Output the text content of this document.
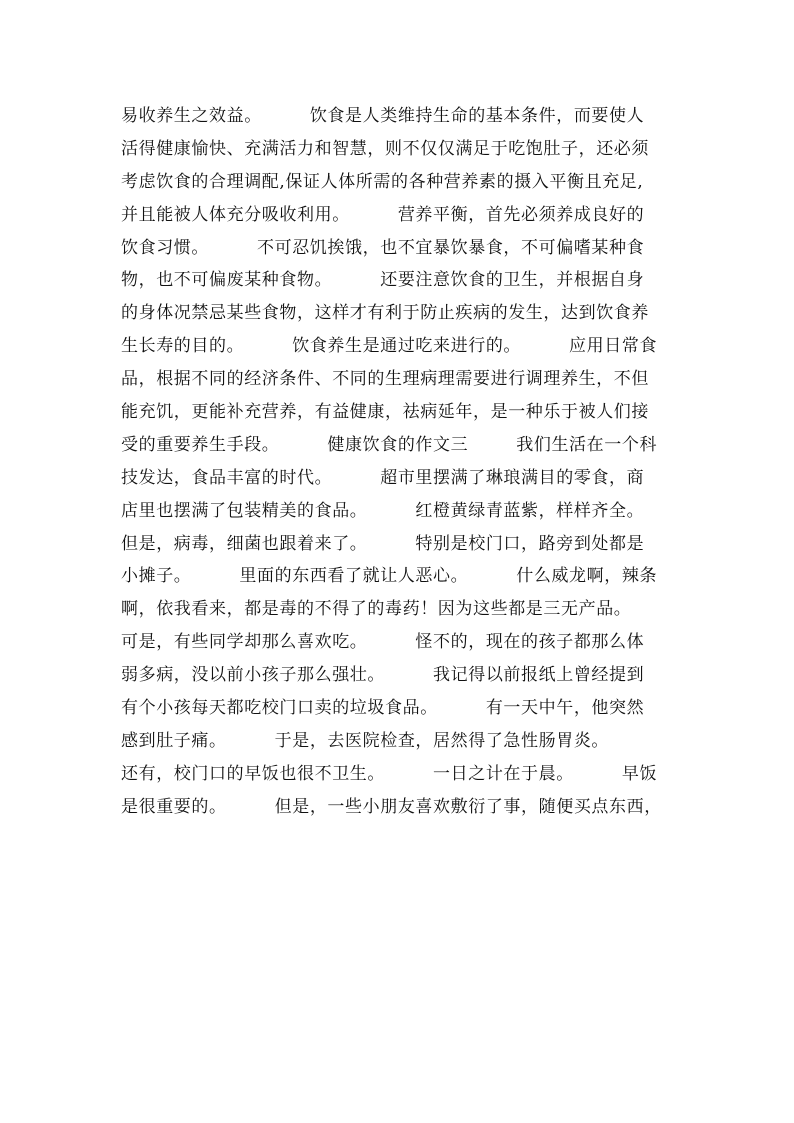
易收养生之效益。        饮食是人类维持生命的基本条件，而要使人
活得健康愉快、充满活力和智慧，则不仅仅满足于吃饱肚子，还必须
考虑饮食的合理调配,保证人体所需的各种营养素的摄入平衡且充足,
并且能被人体充分吸收利用。        营养平衡，首先必须养成良好的
饮食习惯。        不可忍饥挨饿，也不宜暴饮暴食，不可偏嗜某种食
物，也不可偏废某种食物。        还要注意饮食的卫生，并根据自身
的身体况禁忌某些食物，这样才有利于防止疾病的发生，达到饮食养
生长寿的目的。        饮食养生是通过吃来进行的。        应用日常食
品，根据不同的经济条件、不同的生理病理需要进行调理养生，不但
能充饥，更能补充营养，有益健康，祛病延年，是一种乐于被人们接
受的重要养生手段。        健康饮食的作文三        我们生活在一个科
技发达，食品丰富的时代。        超市里摆满了琳琅满目的零食，商
店里也摆满了包装精美的食品。        红橙黄绿青蓝紫，样样齐全。
但是，病毒，细菌也跟着来了。        特别是校门口，路旁到处都是
小摊子。        里面的东西看了就让人恶心。        什么威龙啊，辣条
啊，依我看来，都是毒的不得了的毒药！因为这些都是三无产品。
可是，有些同学却那么喜欢吃。        怪不的，现在的孩子都那么体
弱多病，没以前小孩子那么强壮。        我记得以前报纸上曾经提到
有个小孩每天都吃校门口卖的垃圾食品。        有一天中午，他突然
感到肚子痛。        于是，去医院检查，居然得了急性肠胃炎。
还有，校门口的早饭也很不卫生。        一日之计在于晨。        早饭
是很重要的。        但是，一些小朋友喜欢敷衍了事，随便买点东西，
